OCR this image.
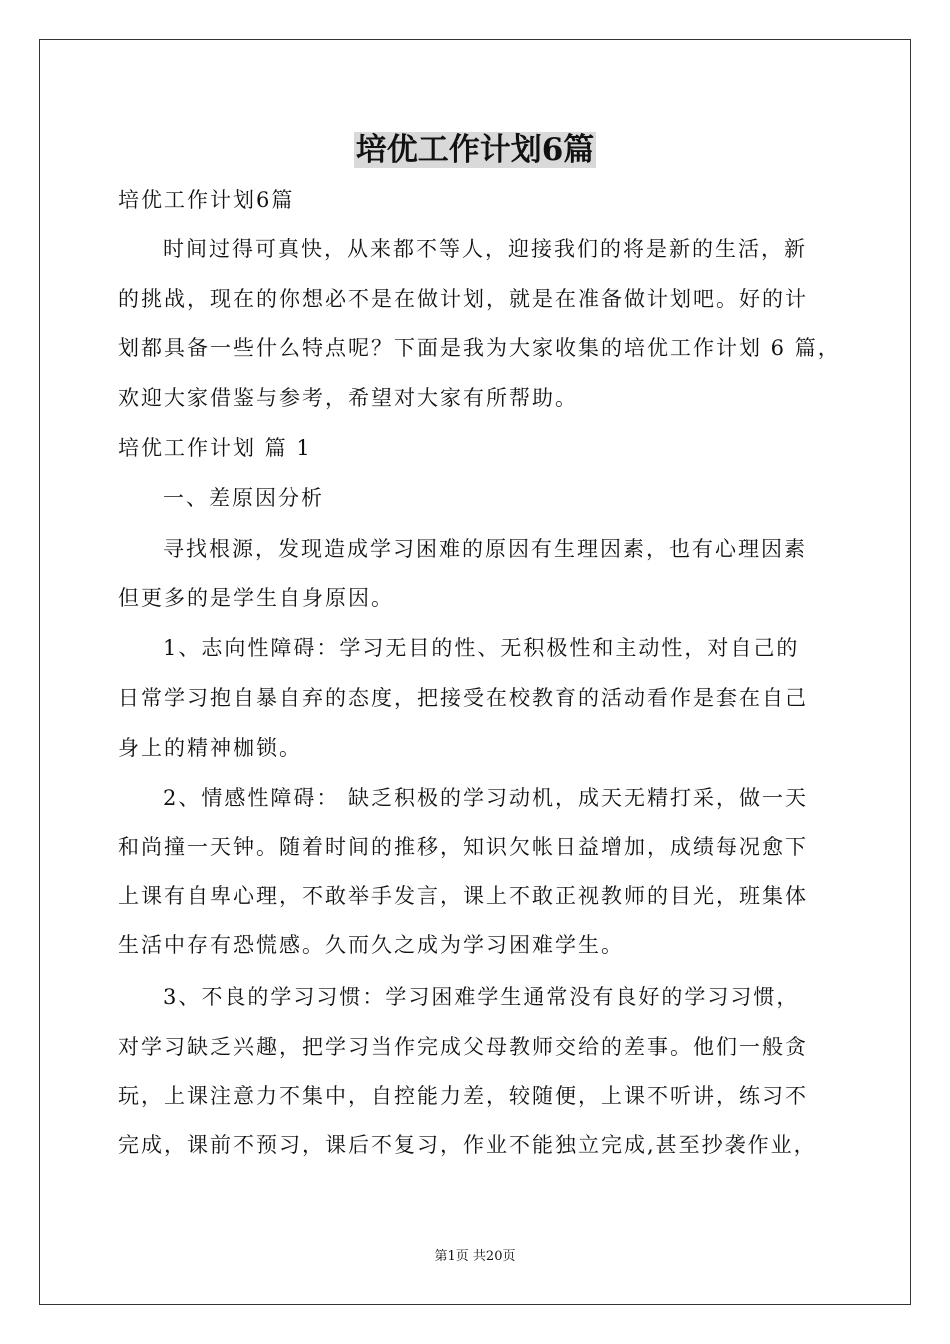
培优工作计划6篇
培优工作计划6篇
时间过得可真快，从来都不等人，迎接我们的将是新的生活，新
的挑战，现在的你想必不是在做计划，就是在准备做计划吧。好的计
划都具备一些什么特点呢？下面是我为大家收集的培优工作计划 6 篇，
欢迎大家借鉴与参考，希望对大家有所帮助。
培优工作计划 篇 1
一、差原因分析
寻找根源，发现造成学习困难的原因有生理因素，也有心理因素
但更多的是学生自身原因。
1、志向性障碍：学习无目的性、无积极性和主动性，对自己的
日常学习抱自暴自弃的态度，把接受在校教育的活动看作是套在自己
身上的精神枷锁。
2、情感性障碍： 缺乏积极的学习动机，成天无精打采，做一天
和尚撞一天钟。随着时间的推移，知识欠帐日益增加，成绩每况愈下
上课有自卑心理，不敢举手发言，课上不敢正视教师的目光，班集体
生活中存有恐慌感。久而久之成为学习困难学生。
3、不良的学习习惯：学习困难学生通常没有良好的学习习惯，
对学习缺乏兴趣，把学习当作完成父母教师交给的差事。他们一般贪
玩，上课注意力不集中，自控能力差，较随便，上课不听讲，练习不
完成，课前不预习，课后不复习，作业不能独立完成,甚至抄袭作业，
第1页 共20页
